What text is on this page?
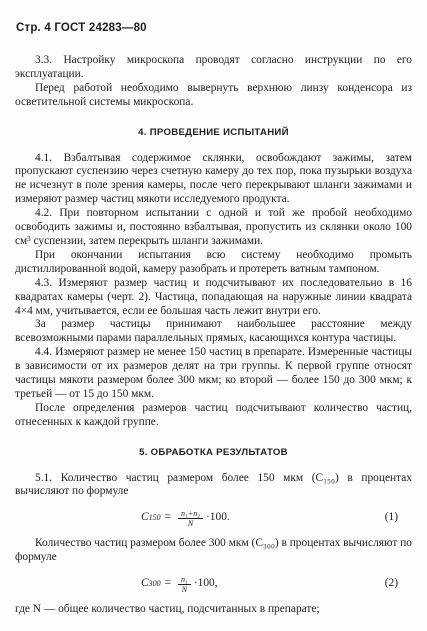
Стр. 4 ГОСТ 24283—80

3.3. Настройку микроскопа проводят согласно инструкции по его эксплуатации.

Перед работой необходимо вывернуть верхнюю линзу конденсора из осветительной системы микроскопа.

4. ПРОВЕДЕНИЕ ИСПЫТАНИЙ

4.1. Взбалтывая содержимое склянки, освобождают зажимы, затем пропускают суспензию через счетную камеру до тех пор, пока пузырьки воздуха не исчезнут в поле зрения камеры, после чего перекрывают шланги зажимами и измеряют размер частиц мякоти исследуемого продукта.

4.2. При повторном испытании с одной и той же пробой необходимо освободить зажимы и, постоянно взбалтывая, пропустить из склянки около 100 см³ суспензии, затем перекрыть шланги зажимами.

При окончании испытания всю систему необходимо промыть дистиллированной водой, камеру разобрать и протереть ватным тампоном.

4.3. Измеряют размер частиц и подсчитывают их последовательно в 16 квадратах камеры (черт. 2). Частица, попадающая на наружные линии квадрата 4×4 мм, учитывается, если ее большая часть лежит внутри его.

За размер частицы принимают наибольшее расстояние между всевозможными парами параллельных прямых, касающихся контура частицы.

4.4. Измеряют размер не менее 150 частиц в препарате. Измеренные частицы в зависимости от их размеров делят на три группы. К первой группе относят частицы мякоти размером более 300 мкм; ко второй — более 150 до 300 мкм; к третьей — от 15 до 150 мкм.

После определения размеров частиц подсчитывают количество частиц, отнесенных к каждой группе.

5. ОБРАБОТКА РЕЗУЛЬТАТОВ

5.1. Количество частиц размером более 150 мкм (C₁₅₀) в процентах вычисляют по формуле

C $150 = \frac{\text{n₁+n₂}}{N} \cdot 100$.	(1)

Количество частиц размером более 300 мкм (C₃₀₀) в процентах вычисляют по формуле

C $300 = \frac{\text{n₁}}{N} \cdot 100$,	(2)

где N — общее количество частиц, подсчитанных в препарате;
